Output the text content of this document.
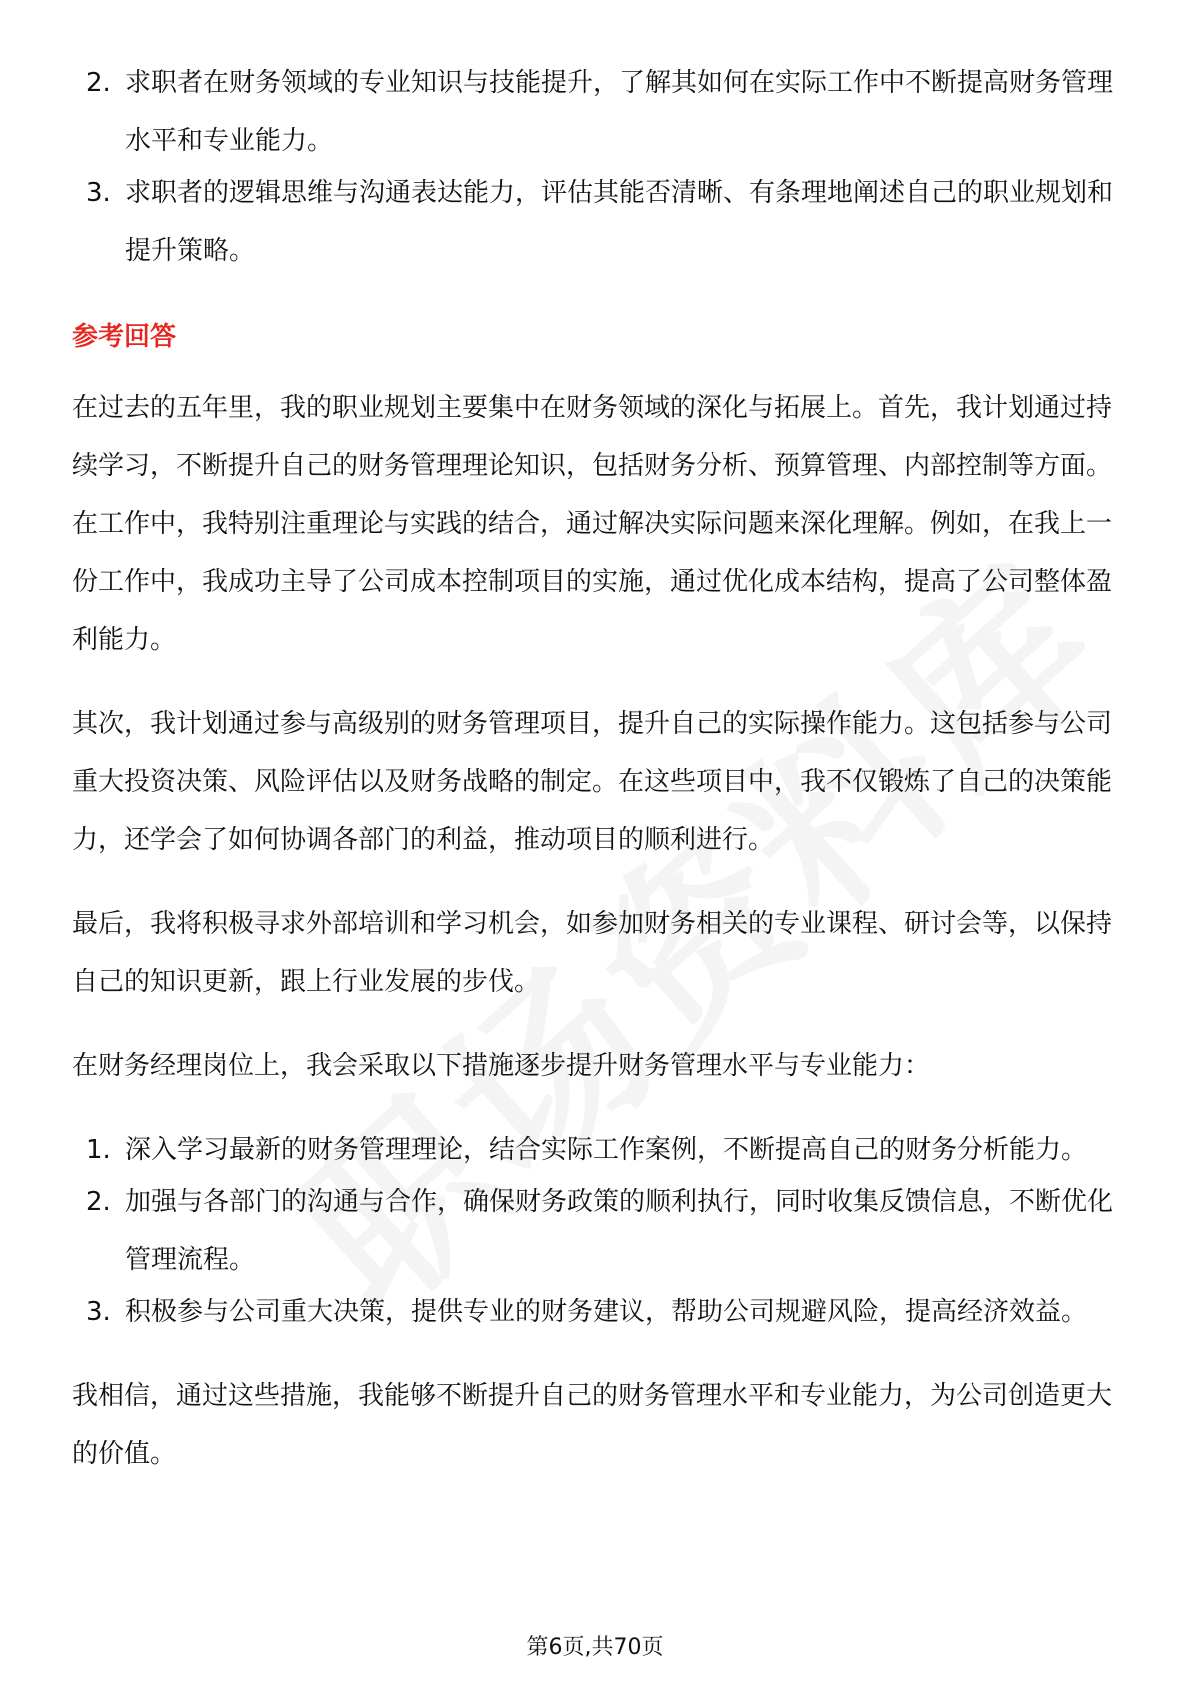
2. 求职者在财务领域的专业知识与技能提升，了解其如何在实际工作中不断提高财务管理水平和专业能力。
3. 求职者的逻辑思维与沟通表达能力，评估其能否清晰、有条理地阐述自己的职业规划和提升策略。
参考回答

在过去的五年里，我的职业规划主要集中在财务领域的深化与拓展上。首先，我计划通过持续学习，不断提升自己的财务管理理论知识，包括财务分析、预算管理、内部控制等方面。在工作中，我特别注重理论与实践的结合，通过解决实际问题来深化理解。例如，在我上一份工作中，我成功主导了公司成本控制项目的实施，通过优化成本结构，提高了公司整体盈利能力。

其次，我计划通过参与高级别的财务管理项目，提升自己的实际操作能力。这包括参与公司重大投资决策、风险评估以及财务战略的制定。在这些项目中，我不仅锻炼了自己的决策能力，还学会了如何协调各部门的利益，推动项目的顺利进行。

最后，我将积极寻求外部培训和学习机会，如参加财务相关的专业课程、研讨会等，以保持自己的知识更新，跟上行业发展的步伐。

在财务经理岗位上，我会采取以下措施逐步提升财务管理水平与专业能力：

1. 深入学习最新的财务管理理论，结合实际工作案例，不断提高自己的财务分析能力。
2. 加强与各部门的沟通与合作，确保财务政策的顺利执行，同时收集反馈信息，不断优化管理流程。
3. 积极参与公司重大决策，提供专业的财务建议，帮助公司规避风险，提高经济效益。

我相信，通过这些措施，我能够不断提升自己的财务管理水平和专业能力，为公司创造更大的价值。

第6页,共70页
